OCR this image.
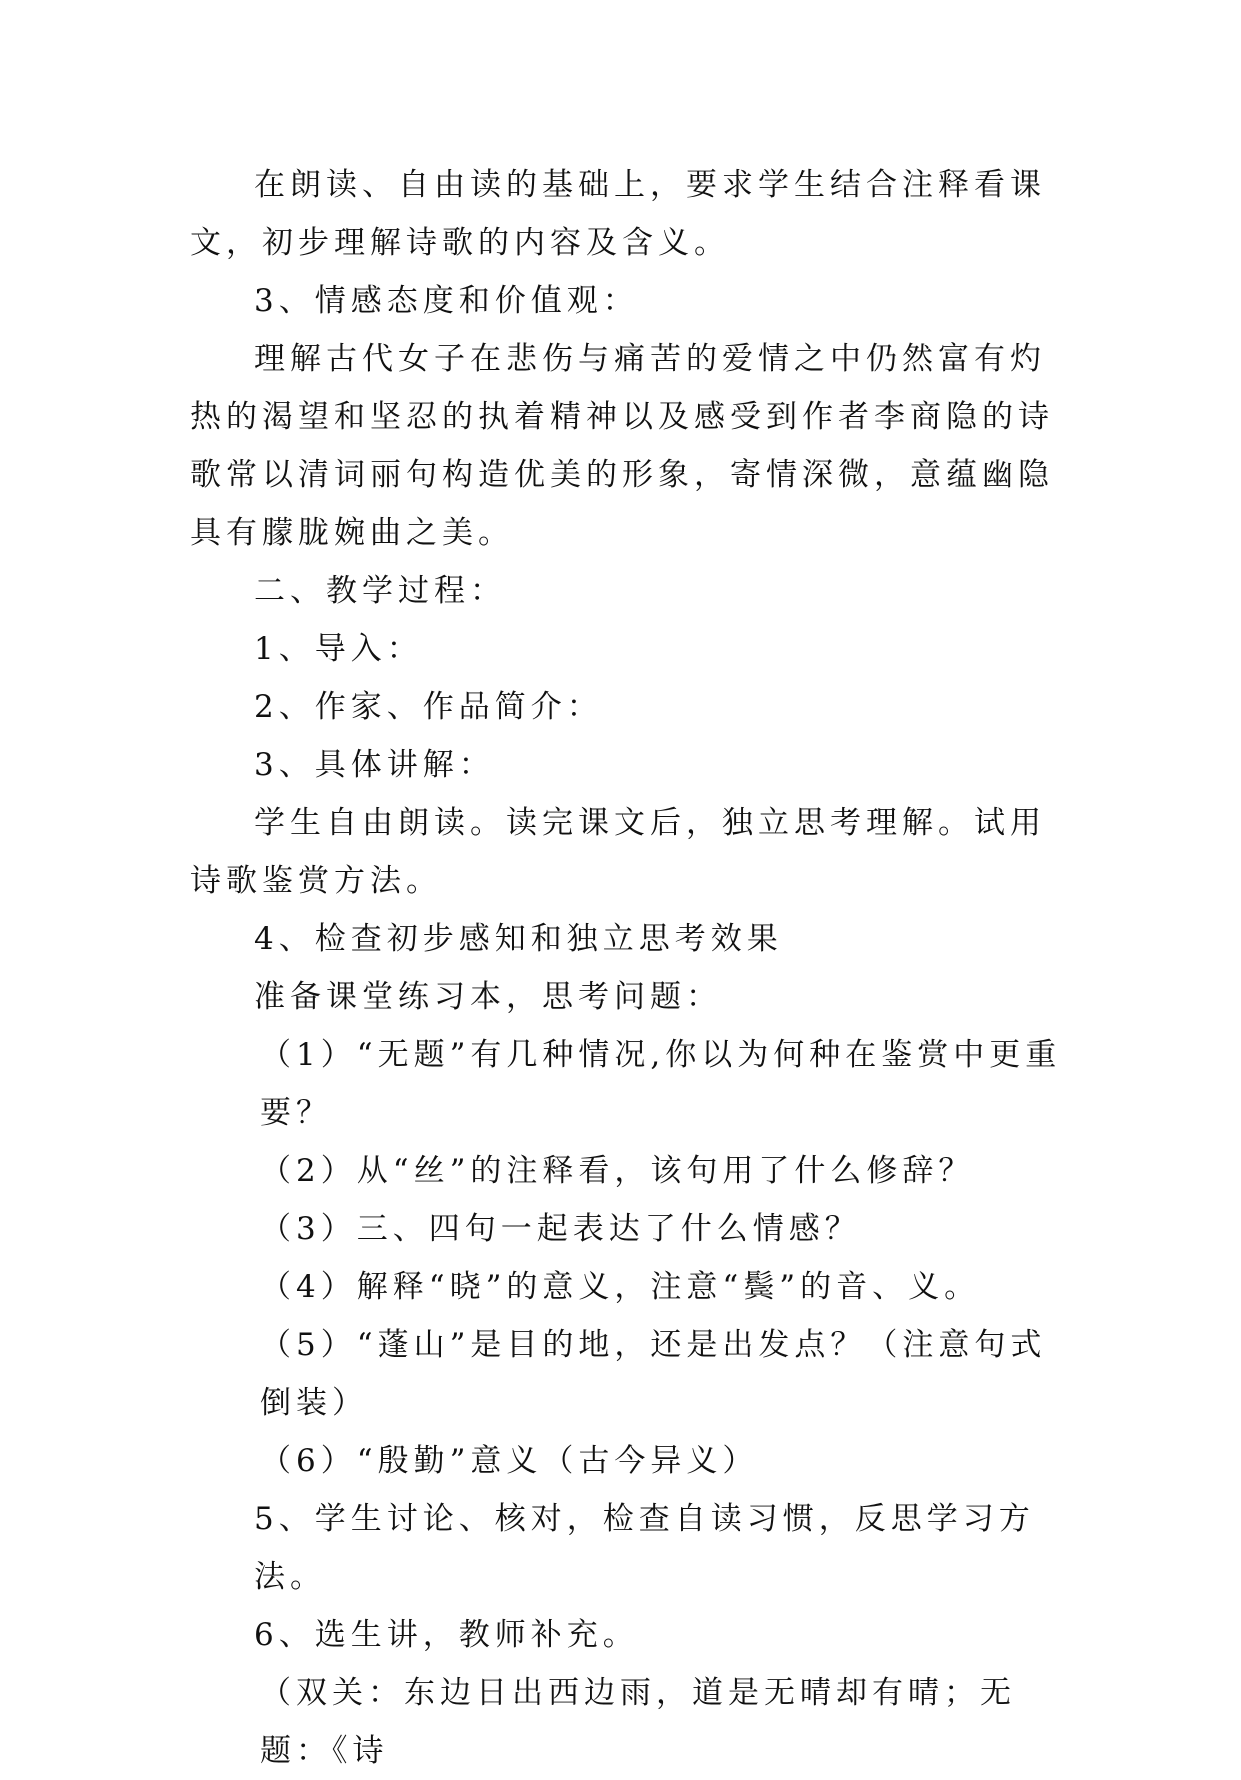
在朗读、自由读的基础上，要求学生结合注释看课文，初步理解诗歌的内容及含义。

3、情感态度和价值观：

理解古代女子在悲伤与痛苦的爱情之中仍然富有灼热的渴望和坚忍的执着精神以及感受到作者李商隐的诗歌常以清词丽句构造优美的形象，寄情深微，意蕴幽隐具有朦胧婉曲之美。

二、教学过程：

1、导入：

2、作家、作品简介：

3、具体讲解：

学生自由朗读。读完课文后，独立思考理解。试用诗歌鉴赏方法。

4、检查初步感知和独立思考效果

准备课堂练习本，思考问题：

（1）“无题”有几种情况,你以为何种在鉴赏中更重要？

（2）从“丝”的注释看，该句用了什么修辞？

（3）三、四句一起表达了什么情感？

（4）解释“晓”的意义，注意“鬓”的音、义。

（5）“蓬山”是目的地，还是出发点？（注意句式倒装）

（6）“殷勤”意义（古今异义）

5、学生讨论、核对，检查自读习惯，反思学习方法。

6、选生讲，教师补充。

（双关：东边日出西边雨，道是无晴却有晴；无题：《诗
